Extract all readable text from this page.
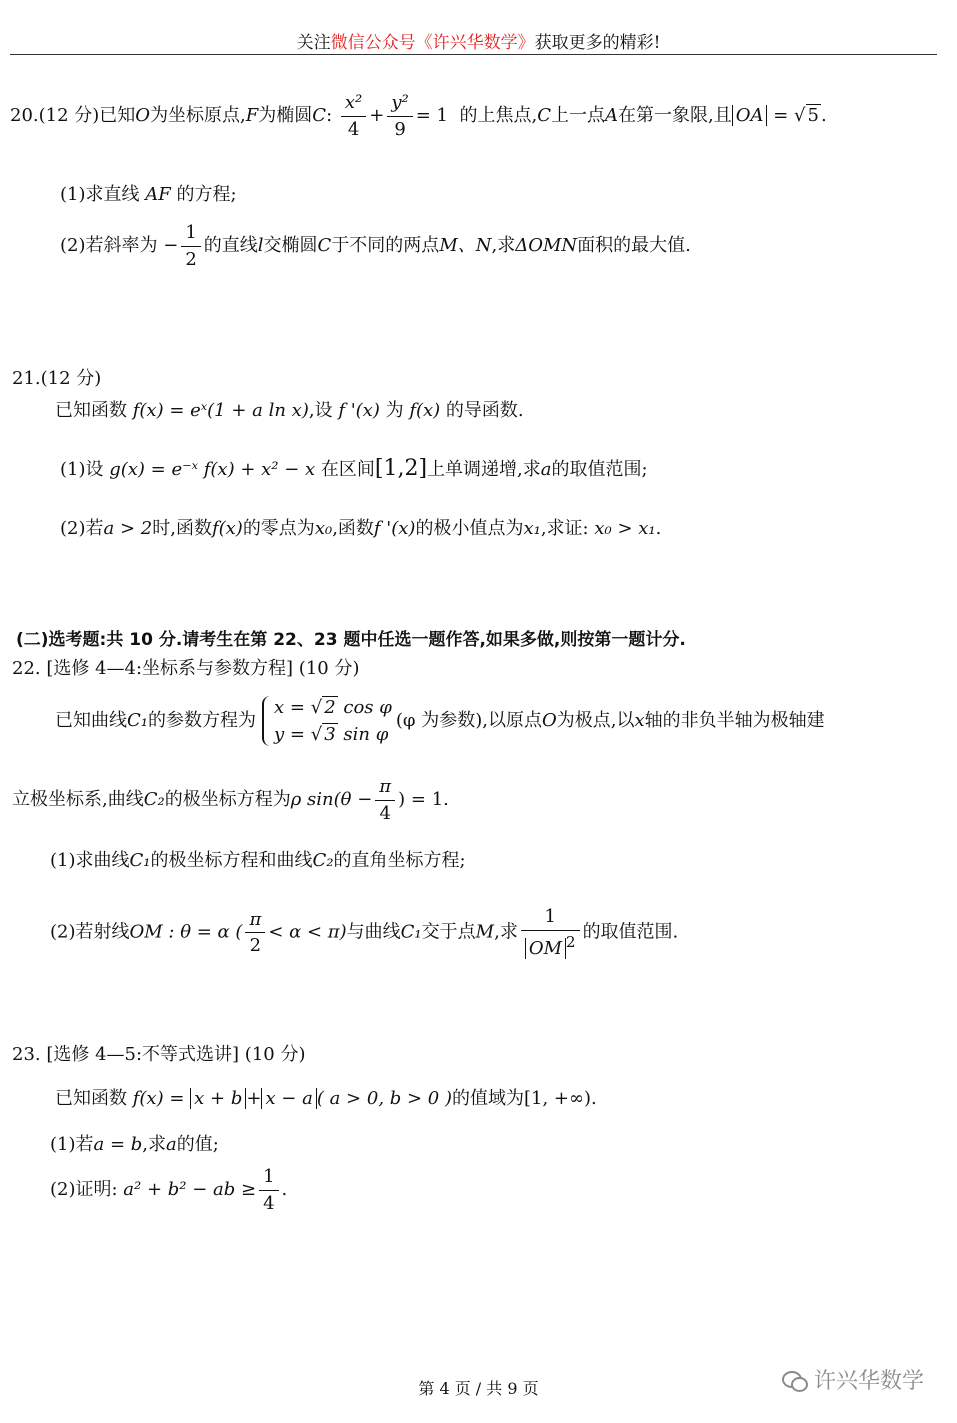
关注微信公众号《许兴华数学》获取更多的精彩!
20.(12 分)已知O为坐标原点,F为椭圆C: $\frac{\text{x²}}{4} + \frac{\text{y²}}{9} = 1$ 的上焦点,C上一点A在第一象限,且 OA = √ 5 .
(1)求直线 AF 的方程;
(2)若斜率为 − $\frac{1}{2}$ 的直线l交椭圆C于不同的两点M、N,求ΔOMN面积的最大值.
21.(12 分)
已知函数 f(x) = eˣ(1 + a ln x),设 f '(x) 为 f(x) 的导函数.
(1)设 g(x) = e⁻ˣ f(x) + x² − x 在区间[1,2]上单调递增,求a的取值范围;
(2)若a > 2时,函数f(x)的零点为x₀,函数f '(x)的极小值点为x₁,求证: x₀ > x₁.
(二)选考题:共 10 分.请考生在第 22、23 题中任选一题作答,如果多做,则按第一题计分.
22. [选修 4—4:坐标系与参数方程] (10 分)
已知曲线C₁的参数方程为
x = √ 2 cos φ
y = √ 3 sin φ
(φ 为参数),以原点O为极点,以x轴的非负半轴为极轴建
立极坐标系,曲线C₂的极坐标方程为ρ $\sin(\theta - \frac{\pi}{4}$ ) = 1.
(1)求曲线C₁的极坐标方程和曲线C₂的直角坐标方程;
(2)若射线OM : θ = α ( $\frac{\pi}{2} < \alpha < \pi$)与曲线C₁交于点M,求 $\frac{1}{OM ^2}$ 的取值范围.
23. [选修 4—5:不等式选讲] (10 分)
已知函数 f(x) = x + b + x − a ( a > 0, b > 0 )的值域为[1, +∞).
(1)若a = b,求a的值;
(2)证明: a² + b² − ab ≥ $\frac{1}{4}$ .
第 4 页 / 共 9 页	许兴华数学
